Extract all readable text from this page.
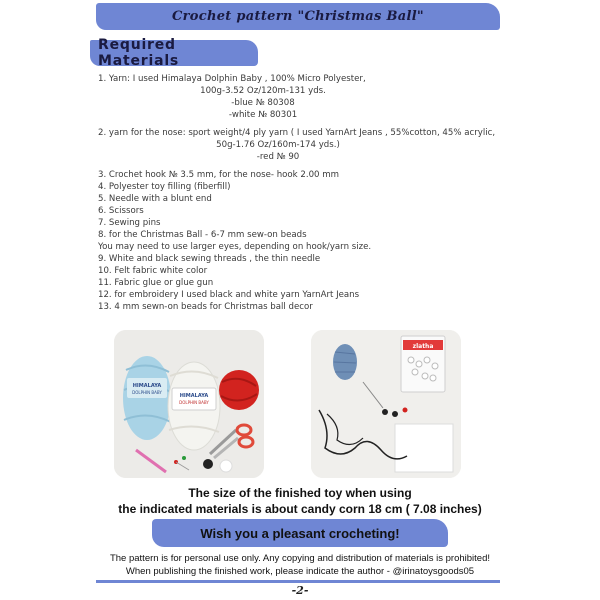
Crochet pattern "Christmas Ball"
Required Materials
1. Yarn: I used Himalaya Dolphin Baby , 100% Micro Polyester,
100g-3.52 Oz/120m-131 yds.
-blue № 80308
-white № 80301
2. yarn for the nose: sport weight/4 ply yarn ( I used YarnArt Jeans , 55%cotton, 45% acrylic,
50g-1.76 Oz/160m-174 yds.)
-red № 90
3. Crochet hook № 3.5 mm, for the nose- hook 2.00 mm
4. Polyester toy filling (fiberfill)
5. Needle with a blunt end
6. Scissors
7. Sewing pins
8. for the Christmas Ball - 6-7 mm sew-on beads
You may need to use larger eyes, depending on hook/yarn size.
9. White and black sewing threads , the thin needle
10. Felt fabric white color
11. Fabric glue or glue gun
12. for embroidery I used black and white yarn YarnArt Jeans
13. 4 mm sewn-on beads for Christmas ball decor
HIMALAYA
DOLPHIN BABY
HIMALAYA
DOLPHIN BABY
zlatha
The size of the finished toy when using
the indicated materials is about candy corn 18 cm ( 7.08 inches)
Wish you a pleasant crocheting!
The pattern is for personal use only. Any copying and distribution of materials is prohibited!
When publishing the finished work, please indicate the author - @irinatoysgoods05
-2-
